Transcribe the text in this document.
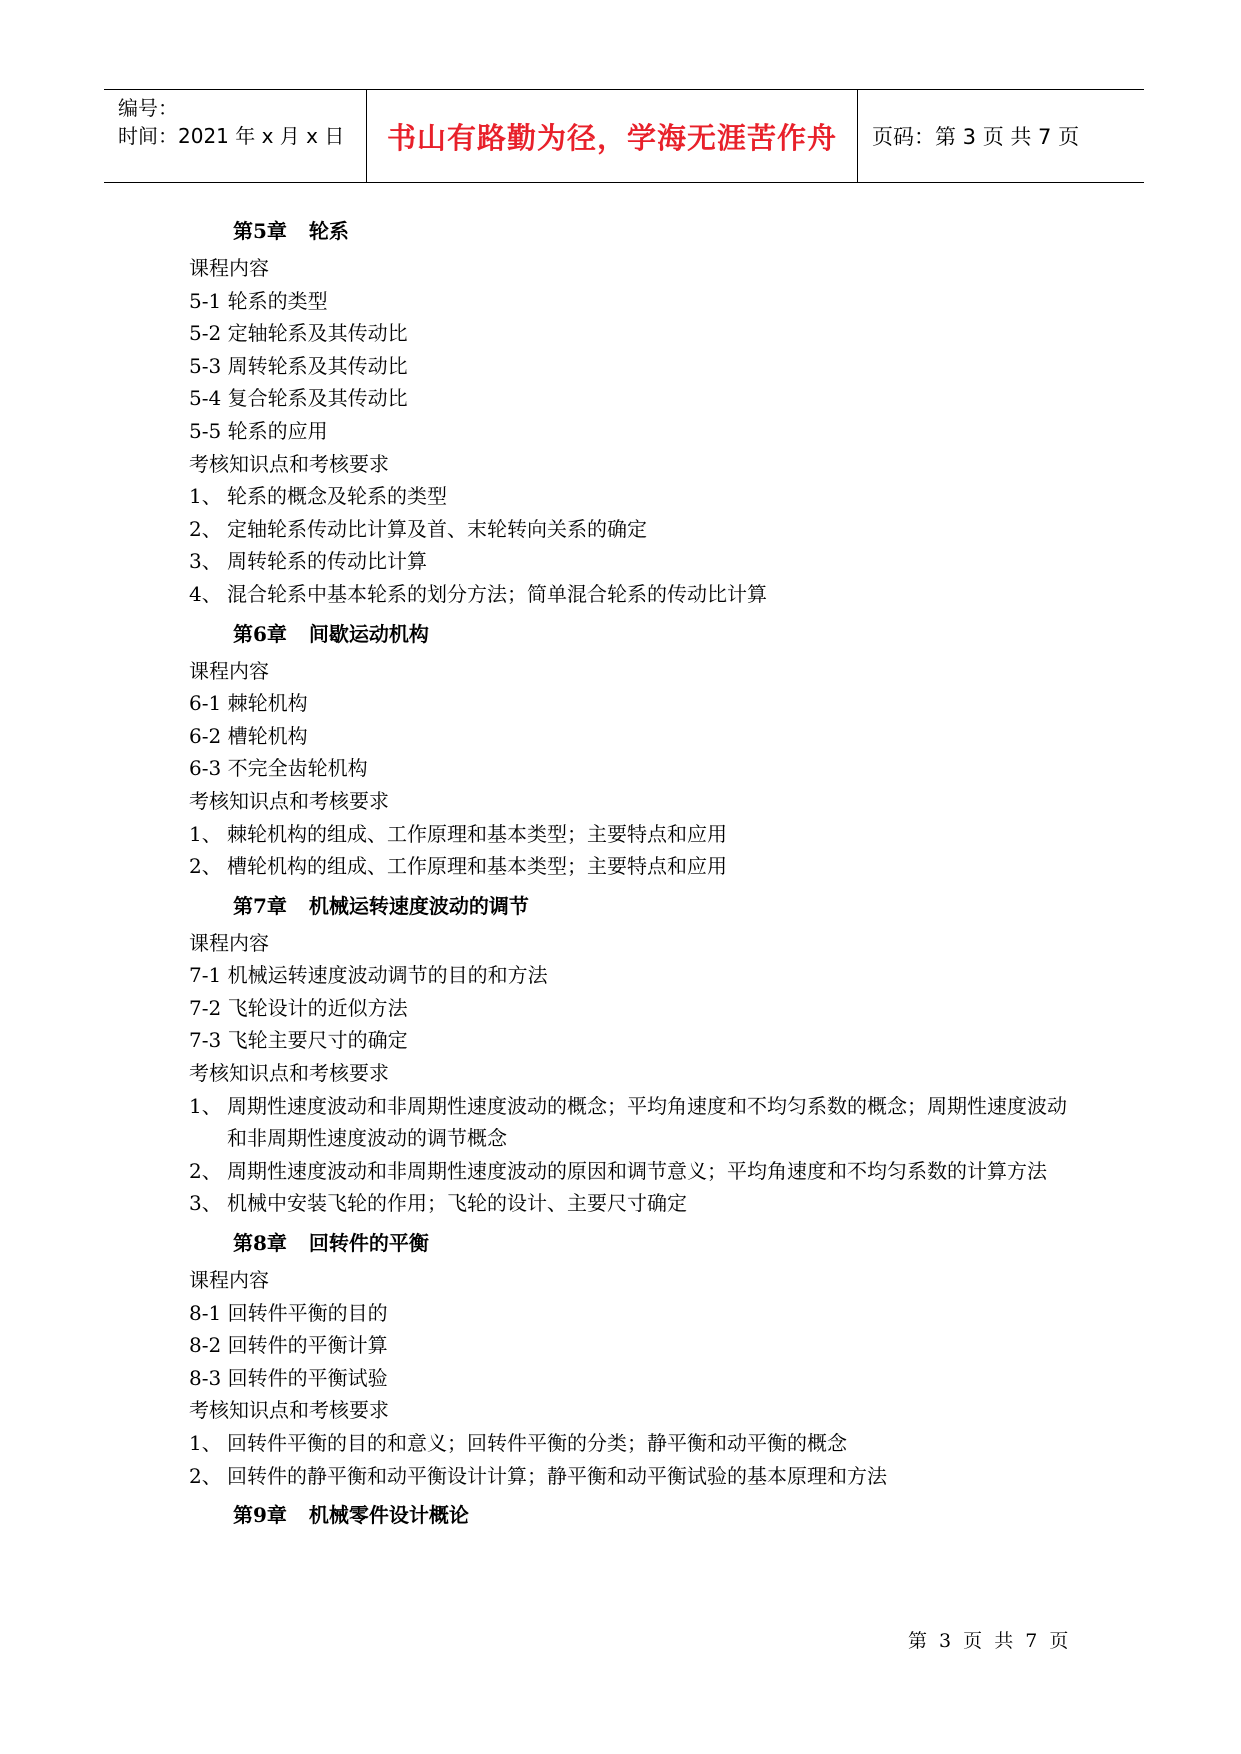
编号：
时间：2021 年 x 月 x 日	书山有路勤为径，学海无涯苦作舟	页码：第 3 页 共 7 页
第5章 轮系
课程内容
5-1 轮系的类型
5-2 定轴轮系及其传动比
5-3 周转轮系及其传动比
5-4 复合轮系及其传动比
5-5 轮系的应用
考核知识点和考核要求
1、 轮系的概念及轮系的类型
2、 定轴轮系传动比计算及首、末轮转向关系的确定
3、 周转轮系的传动比计算
4、 混合轮系中基本轮系的划分方法；简单混合轮系的传动比计算
第6章 间歇运动机构
课程内容
6-1 棘轮机构
6-2 槽轮机构
6-3 不完全齿轮机构
考核知识点和考核要求
1、 棘轮机构的组成、工作原理和基本类型；主要特点和应用
2、 槽轮机构的组成、工作原理和基本类型；主要特点和应用
第7章 机械运转速度波动的调节
课程内容
7-1 机械运转速度波动调节的目的和方法
7-2 飞轮设计的近似方法
7-3 飞轮主要尺寸的确定
考核知识点和考核要求
1、 周期性速度波动和非周期性速度波动的概念；平均角速度和不均匀系数的概念；周期性速度波动和非周期性速度波动的调节概念
2、 周期性速度波动和非周期性速度波动的原因和调节意义；平均角速度和不均匀系数的计算方法
3、 机械中安装飞轮的作用；飞轮的设计、主要尺寸确定
第8章 回转件的平衡
课程内容
8-1 回转件平衡的目的
8-2 回转件的平衡计算
8-3 回转件的平衡试验
考核知识点和考核要求
1、 回转件平衡的目的和意义；回转件平衡的分类；静平衡和动平衡的概念
2、 回转件的静平衡和动平衡设计计算；静平衡和动平衡试验的基本原理和方法
第9章 机械零件设计概论
第 3 页 共 7 页
